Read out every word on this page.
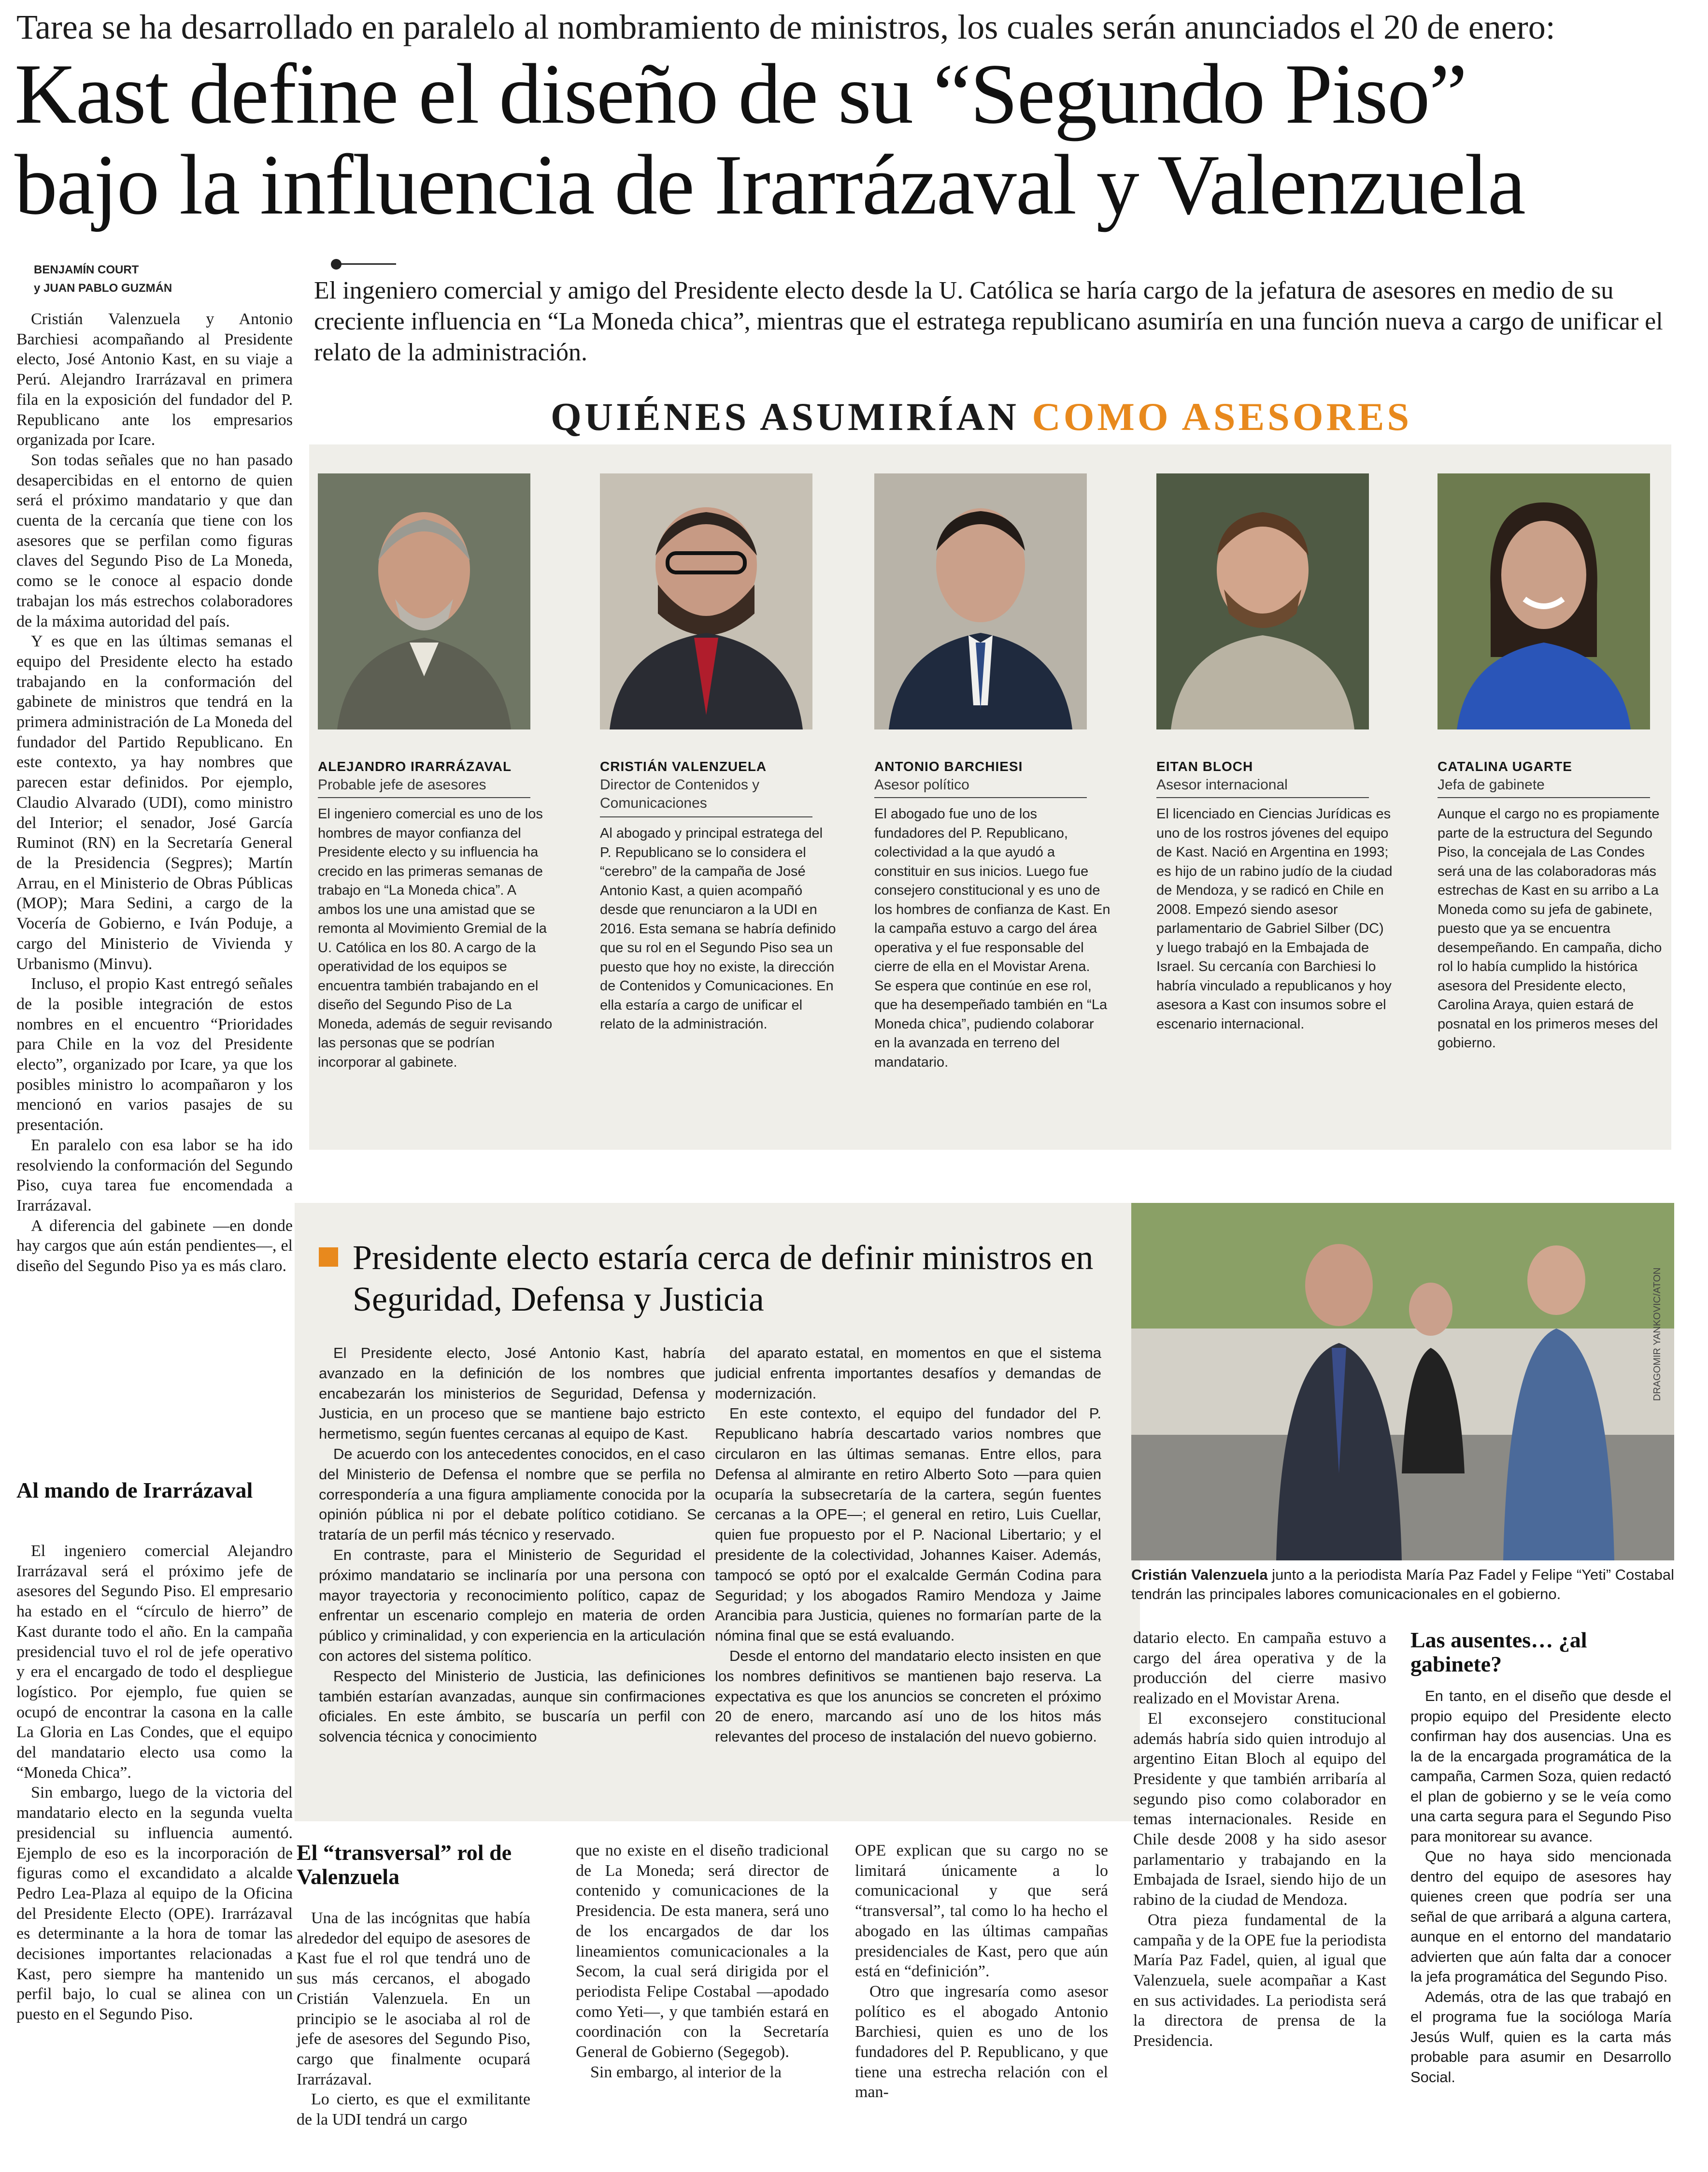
Tarea se ha desarrollado en paralelo al nombramiento de ministros, los cuales serán anunciados el 20 de enero:
Kast define el diseño de su “Segundo Piso”
bajo la influencia de Irarrázaval y Valenzuela
BENJAMÍN COURT
y JUAN PABLO GUZMÁN	El ingeniero comercial y amigo del Presidente electo desde la U. Católica se haría cargo de la jefatura de asesores en medio de su creciente influencia en “La Moneda chica”, mientras que el estratega republicano asumiría en una función nueva a cargo de unificar el relato de la administración.
QUIÉNES ASUMIRÍAN COMO ASESORES
ALEJANDRO IRARRÁZAVAL
Probable jefe de asesores
El ingeniero comercial es uno de los hombres de mayor confianza del Presidente electo y su influencia ha crecido en las primeras semanas de trabajo en “La Moneda chica”. A ambos los une una amistad que se remonta al Movimiento Gremial de la U. Católica en los 80. A cargo de la operatividad de los equipos se encuentra también trabajando en el diseño del Segundo Piso de La Moneda, además de seguir revisando las personas que se podrían incorporar al gabinete.
CRISTIÁN VALENZUELA
Director de Contenidos y Comunicaciones
Al abogado y principal estratega del P. Republicano se lo considera el “cerebro” de la campaña de José Antonio Kast, a quien acompañó desde que renunciaron a la UDI en 2016. Esta semana se habría definido que su rol en el Segundo Piso sea un puesto que hoy no existe, la dirección de Contenidos y Comunicaciones. En ella estaría a cargo de unificar el relato de la administración.
ANTONIO BARCHIESI
Asesor político
El abogado fue uno de los fundadores del P. Republicano, colectividad a la que ayudó a constituir en sus inicios. Luego fue consejero constitucional y es uno de los hombres de confianza de Kast. En la campaña estuvo a cargo del área operativa y el fue responsable del cierre de ella en el Movistar Arena. Se espera que continúe en ese rol, que ha desempeñado también en “La Moneda chica”, pudiendo colaborar en la avanzada en terreno del mandatario.
EITAN BLOCH
Asesor internacional
El licenciado en Ciencias Jurídicas es uno de los rostros jóvenes del equipo de Kast. Nació en Argentina en 1993; es hijo de un rabino judío de la ciudad de Mendoza, y se radicó en Chile en 2008. Empezó siendo asesor parlamentario de Gabriel Silber (DC) y luego trabajó en la Embajada de Israel. Su cercanía con Barchiesi lo habría vinculado a republicanos y hoy asesora a Kast con insumos sobre el escenario internacional.
CATALINA UGARTE
Jefa de gabinete
Aunque el cargo no es propiamente parte de la estructura del Segundo Piso, la concejala de Las Condes será una de las colaboradoras más estrechas de Kast en su arribo a La Moneda como su jefa de gabinete, puesto que ya se encuentra desempeñando. En campaña, dicho rol lo había cumplido la histórica asesora del Presidente electo, Carolina Araya, quien estará de posnatal en los primeros meses del gobierno.

Cristián Valenzuela y Antonio Barchiesi acompañando al Presidente electo, José Antonio Kast, en su viaje a Perú. Alejandro Irarrázaval en primera fila en la exposición del fundador del P. Republicano ante los empresarios organizada por Icare.

Son todas señales que no han pasado desapercibidas en el entorno de quien será el próximo mandatario y que dan cuenta de la cercanía que tiene con los asesores que se perfilan como figuras claves del Segundo Piso de La Moneda, como se le conoce al espacio donde trabajan los más estrechos colaboradores de la máxima autoridad del país.

Y es que en las últimas semanas el equipo del Presidente electo ha estado trabajando en la conformación del gabinete de ministros que tendrá en la primera administración de La Moneda del fundador del Partido Republicano. En este contexto, ya hay nombres que parecen estar definidos. Por ejemplo, Claudio Alvarado (UDI), como ministro del Interior; el senador, José García Ruminot (RN) en la Secretaría General de la Presidencia (Segpres); Martín Arrau, en el Ministerio de Obras Públicas (MOP); Mara Sedini, a cargo de la Vocería de Gobierno, e Iván Poduje, a cargo del Ministerio de Vivienda y Urbanismo (Minvu).

Incluso, el propio Kast entregó señales de la posible integración de estos nombres en el encuentro “Prioridades para Chile en la voz del Presidente electo”, organizado por Icare, ya que los posibles ministro lo acompañaron y los mencionó en varios pasajes de su presentación.

En paralelo con esa labor se ha ido resolviendo la conformación del Segundo Piso, cuya tarea fue encomendada a Irarrázaval.

A diferencia del gabinete —en donde hay cargos que aún están pendientes—, el diseño del Segundo Piso ya es más claro.

Al mando de Irarrázaval

El ingeniero comercial Alejandro Irarrázaval será el próximo jefe de asesores del Segundo Piso. El empresario ha estado en el “círculo de hierro” de Kast durante todo el año. En la campaña presidencial tuvo el rol de jefe operativo y era el encargado de todo el despliegue logístico. Por ejemplo, fue quien se ocupó de encontrar la casona en la calle La Gloria en Las Condes, que el equipo del mandatario electo usa como la “Moneda Chica”.

Sin embargo, luego de la victoria del mandatario electo en la segunda vuelta presidencial su influencia aumentó. Ejemplo de eso es la incorporación de figuras como el excandidato a alcalde Pedro Lea-Plaza al equipo de la Oficina del Presidente Electo (OPE). Irarrázaval es determinante a la hora de tomar las decisiones importantes relacionadas a Kast, pero siempre ha mantenido un perfil bajo, lo cual se alinea con un puesto en el Segundo Piso.

Presidente electo estaría cerca de definir ministros en Seguridad, Defensa y Justicia

El Presidente electo, José Antonio Kast, habría avanzado en la definición de los nombres que encabezarán los ministerios de Seguridad, Defensa y Justicia, en un proceso que se mantiene bajo estricto hermetismo, según fuentes cercanas al equipo de Kast.

De acuerdo con los antecedentes conocidos, en el caso del Ministerio de Defensa el nombre que se perfila no correspondería a una figura ampliamente conocida por la opinión pública ni por el debate político cotidiano. Se trataría de un perfil más técnico y reservado.

En contraste, para el Ministerio de Seguridad el próximo mandatario se inclinaría por una persona con mayor trayectoria y reconocimiento político, capaz de enfrentar un escenario complejo en materia de orden público y criminalidad, y con experiencia en la articulación con actores del sistema político.

Respecto del Ministerio de Justicia, las definiciones también estarían avanzadas, aunque sin confirmaciones oficiales. En este ámbito, se buscaría un perfil con solvencia técnica y conocimiento

del aparato estatal, en momentos en que el sistema judicial enfrenta importantes desafíos y demandas de modernización.

En este contexto, el equipo del fundador del P. Republicano habría descartado varios nombres que circularon en las últimas semanas. Entre ellos, para Defensa al almirante en retiro Alberto Soto —para quien ocuparía la subsecretaría de la cartera, según fuentes cercanas a la OPE—; el general en retiro, Luis Cuellar, quien fue propuesto por el P. Nacional Libertario; y el presidente de la colectividad, Johannes Kaiser. Además, tampocó se optó por el exalcalde Germán Codina para Seguridad; y los abogados Ramiro Mendoza y Jaime Arancibia para Justicia, quienes no formarían parte de la nómina final que se está evaluando.

Desde el entorno del mandatario electo insisten en que los nombres definitivos se mantienen bajo reserva. La expectativa es que los anuncios se concreten el próximo 20 de enero, marcando así uno de los hitos más relevantes del proceso de instalación del nuevo gobierno.

DRAGOMIR YANKOVIC/ATON
Cristián Valenzuela junto a la periodista María Paz Fadel y Felipe “Yeti” Costabal tendrán las principales labores comunicacionales en el gobierno.
El “transversal” rol de Valenzuela

Una de las incógnitas que había alrededor del equipo de asesores de Kast fue el rol que tendrá uno de sus más cercanos, el abogado Cristián Valenzuela. En un principio se le asociaba al rol de jefe de asesores del Segundo Piso, cargo que finalmente ocupará Irarrázaval.

Lo cierto, es que el exmilitante de la UDI tendrá un cargo

que no existe en el diseño tradicional de La Moneda; será director de contenido y comunicaciones de la Presidencia. De esta manera, será uno de los encargados de dar los lineamientos comunicacionales a la Secom, la cual será dirigida por el periodista Felipe Costabal —apodado como Yeti—, y que también estará en coordinación con la Secretaría General de Gobierno (Segegob).

Sin embargo, al interior de la

OPE explican que su cargo no se limitará únicamente a lo comunicacional y que será “transversal”, tal como lo ha hecho el abogado en las últimas campañas presidenciales de Kast, pero que aún está en “definición”.

Otro que ingresaría como asesor político es el abogado Antonio Barchiesi, quien es uno de los fundadores del P. Republicano, y que tiene una estrecha relación con el man-

datario electo. En campaña estuvo a cargo del área operativa y de la producción del cierre masivo realizado en el Movistar Arena.

El exconsejero constitucional además habría sido quien introdujo al argentino Eitan Bloch al equipo del Presidente y que también arribaría al segundo piso como colaborador en temas internacionales. Reside en Chile desde 2008 y ha sido asesor parlamentario y trabajando en la Embajada de Israel, siendo hijo de un rabino de la ciudad de Mendoza.

Otra pieza fundamental de la campaña y de la OPE fue la periodista María Paz Fadel, quien, al igual que Valenzuela, suele acompañar a Kast en sus actividades. La periodista será la directora de prensa de la Presidencia.

Las ausentes… ¿al gabinete?

En tanto, en el diseño que desde el propio equipo del Presidente electo confirman hay dos ausencias. Una es la de la encargada programática de la campaña, Carmen Soza, quien redactó el plan de gobierno y se le veía como una carta segura para el Segundo Piso para monitorear su avance.

Que no haya sido mencionada dentro del equipo de asesores hay quienes creen que podría ser una señal de que arribará a alguna cartera, aunque en el entorno del mandatario advierten que aún falta dar a conocer la jefa programática del Segundo Piso.

Además, otra de las que trabajó en el programa fue la socióloga María Jesús Wulf, quien es la carta más probable para asumir en Desarrollo Social.
